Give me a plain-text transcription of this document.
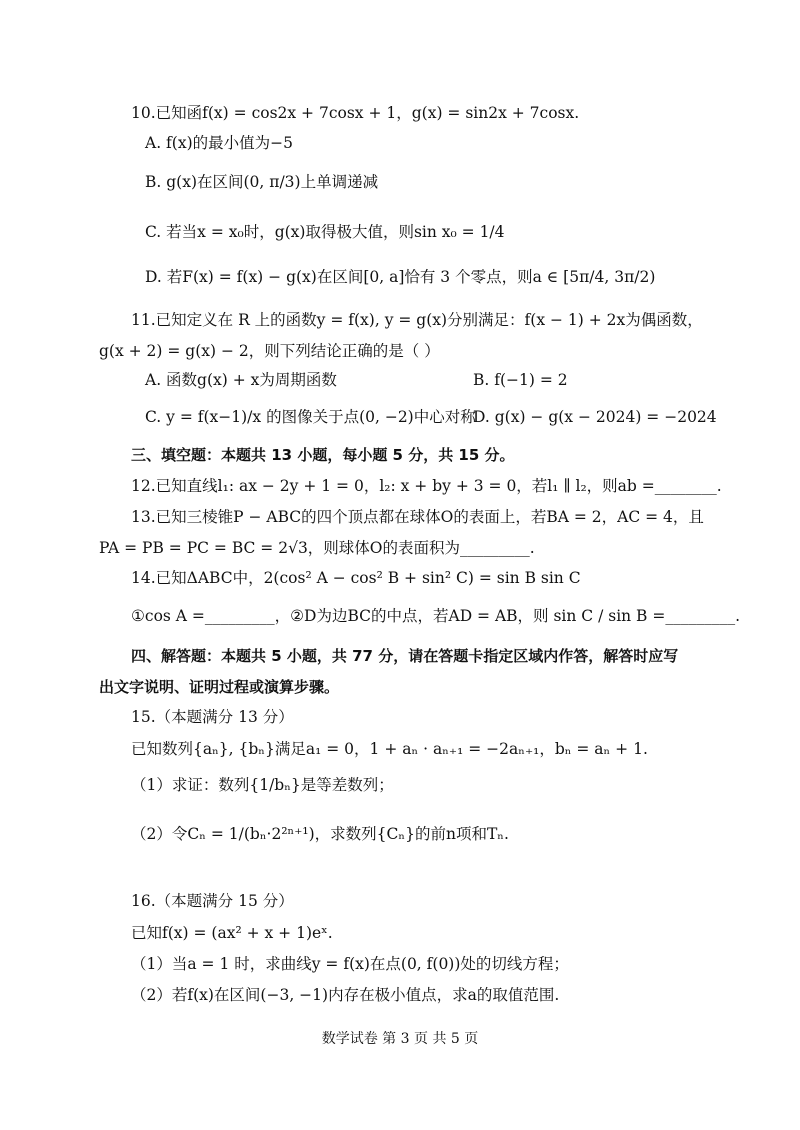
10.已知函f(x) = cos2x + 7cosx + 1，g(x) = sin2x + 7cosx.
A. f(x)的最小值为−5
B. g(x)在区间(0, π/3)上单调递减
C. 若当x = x₀时，g(x)取得极大值，则sin x₀ = 1/4
D. 若F(x) = f(x) − g(x)在区间[0, a]恰有 3 个零点，则a ∈ [5π/4, 3π/2)
11.已知定义在 R 上的函数y = f(x), y = g(x)分别满足：f(x − 1) + 2x为偶函数，
g(x + 2) = g(x) − 2，则下列结论正确的是（ ）
A. 函数g(x) + x为周期函数	B. f(−1) = 2
C. y = f(x−1)/x 的图像关于点(0, −2)中心对称
D. g(x) − g(x − 2024) = −2024
三、填空题：本题共 13 小题，每小题 5 分，共 15 分。
12.已知直线l₁: ax − 2y + 1 = 0，l₂: x + by + 3 = 0，若l₁ ∥ l₂，则ab =________.
13.已知三棱锥P − ABC的四个顶点都在球体O的表面上，若BA = 2，AC = 4，且
PA = PB = PC = BC = 2√3，则球体O的表面积为_________.
14.已知ΔABC中，2(cos² A − cos² B + sin² C) = sin B sin C
①cos A =_________，②D为边BC的中点，若AD = AB，则 sin C / sin B =_________.
四、解答题：本题共 5 小题，共 77 分，请在答题卡指定区域内作答，解答时应写
出文字说明、证明过程或演算步骤。
15.（本题满分 13 分）
已知数列{aₙ}, {bₙ}满足a₁ = 0，1 + aₙ · aₙ₊₁ = −2aₙ₊₁，bₙ = aₙ + 1.
（1）求证：数列{1/bₙ}是等差数列；
（2）令Cₙ = 1/(bₙ·2²ⁿ⁺¹)，求数列{Cₙ}的前n项和Tₙ.
16.（本题满分 15 分）
已知f(x) = (ax² + x + 1)eˣ.
（1）当a = 1 时，求曲线y = f(x)在点(0, f(0))处的切线方程；
（2）若f(x)在区间(−3, −1)内存在极小值点，求a的取值范围.
数学试卷 第 3 页 共 5 页
